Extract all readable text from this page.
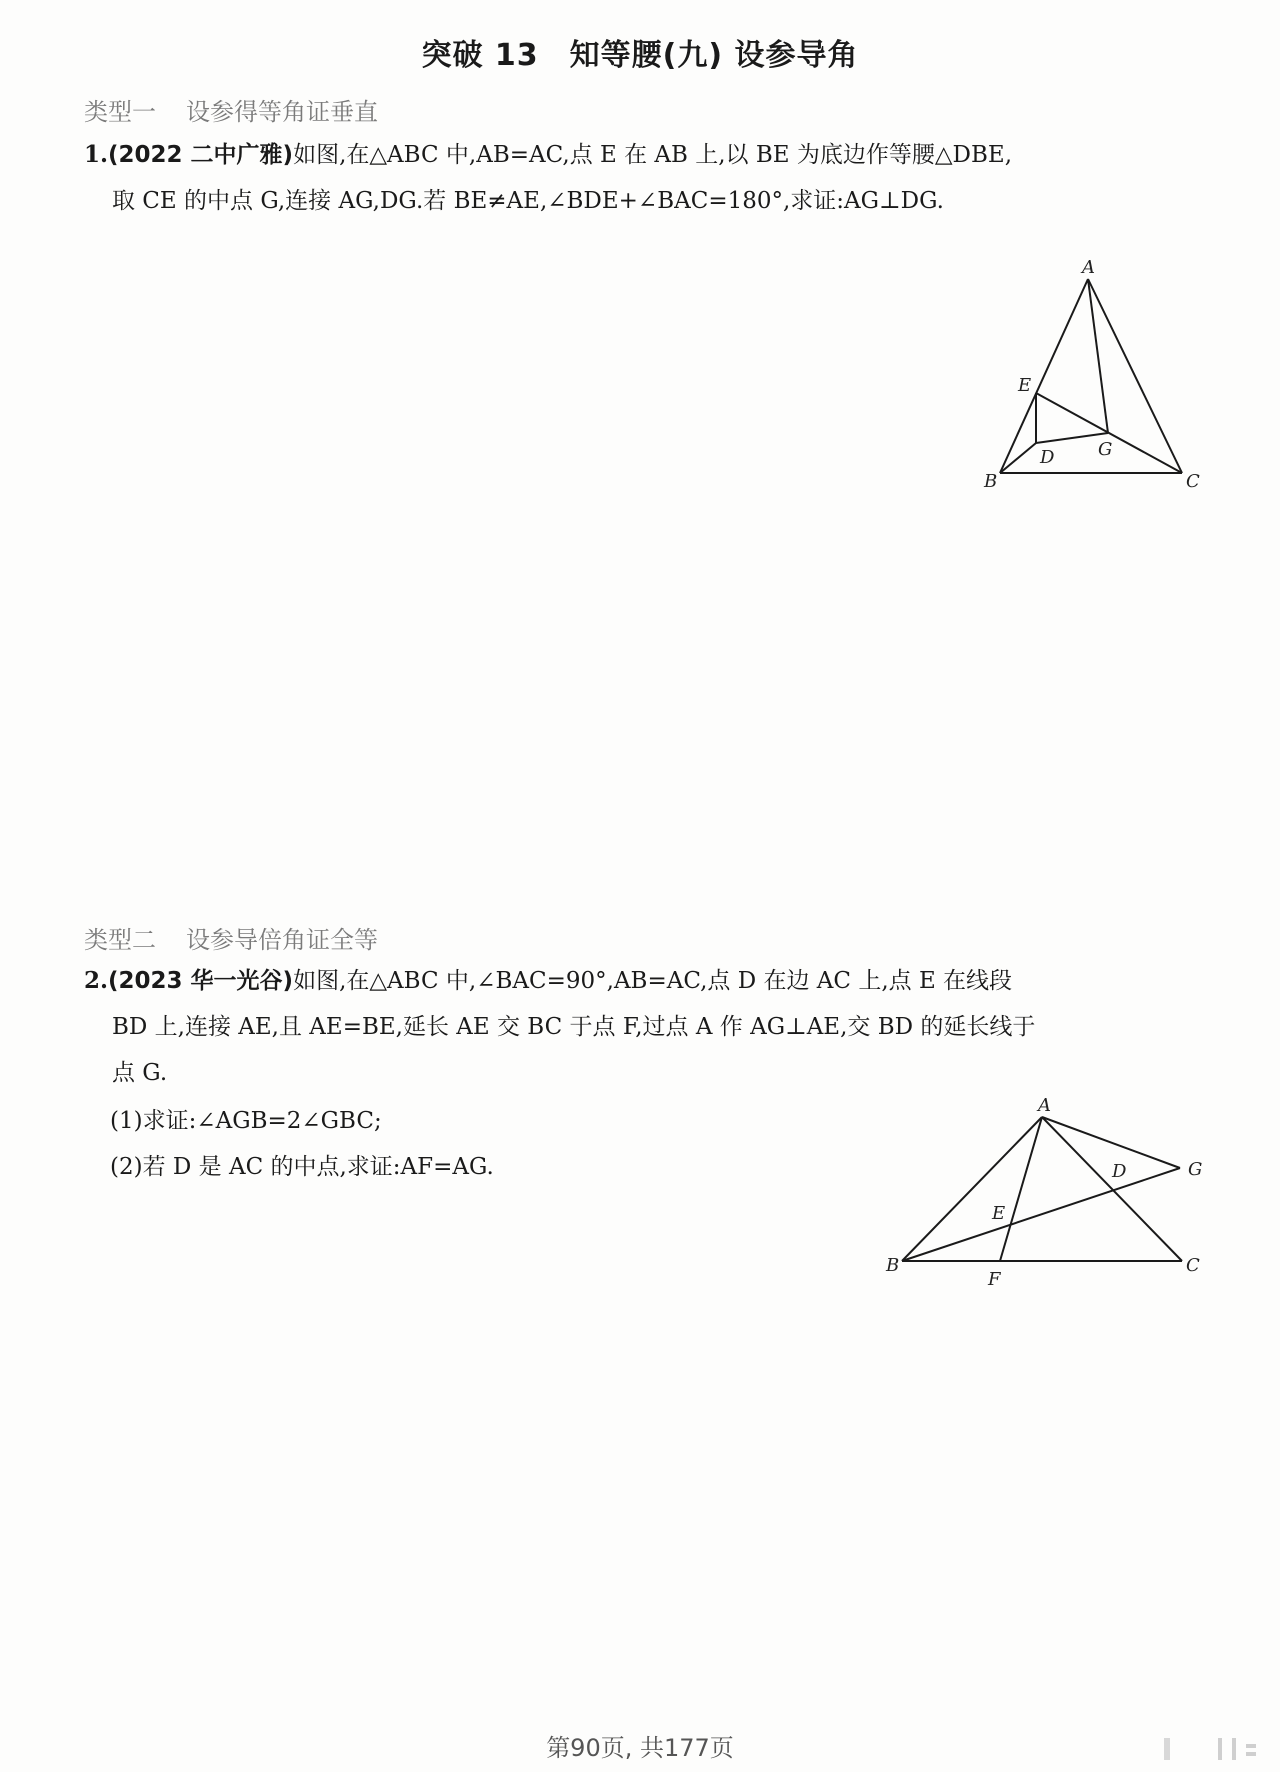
突破 13　知等腰(九) 设参导角
类型一 设参得等角证垂直
1.(2022 二中广雅)如图,在△ABC 中,AB=AC,点 E 在 AB 上,以 BE 为底边作等腰△DBE,
取 CE 的中点 G,连接 AG,DG.若 BE≠AE,∠BDE+∠BAC=180°,求证:AG⊥DG.
A
B	C
D
E
G
类型二 设参导倍角证全等
2.(2023 华一光谷)如图,在△ABC 中,∠BAC=90°,AB=AC,点 D 在边 AC 上,点 E 在线段
BD 上,连接 AE,且 AE=BE,延长 AE 交 BC 于点 F,过点 A 作 AG⊥AE,交 BD 的延长线于
点 G.
(1)求证:∠AGB=2∠GBC;
(2)若 D 是 AC 的中点,求证:AF=AG.
A
B	C
D
E
F
G
第90页, 共177页
